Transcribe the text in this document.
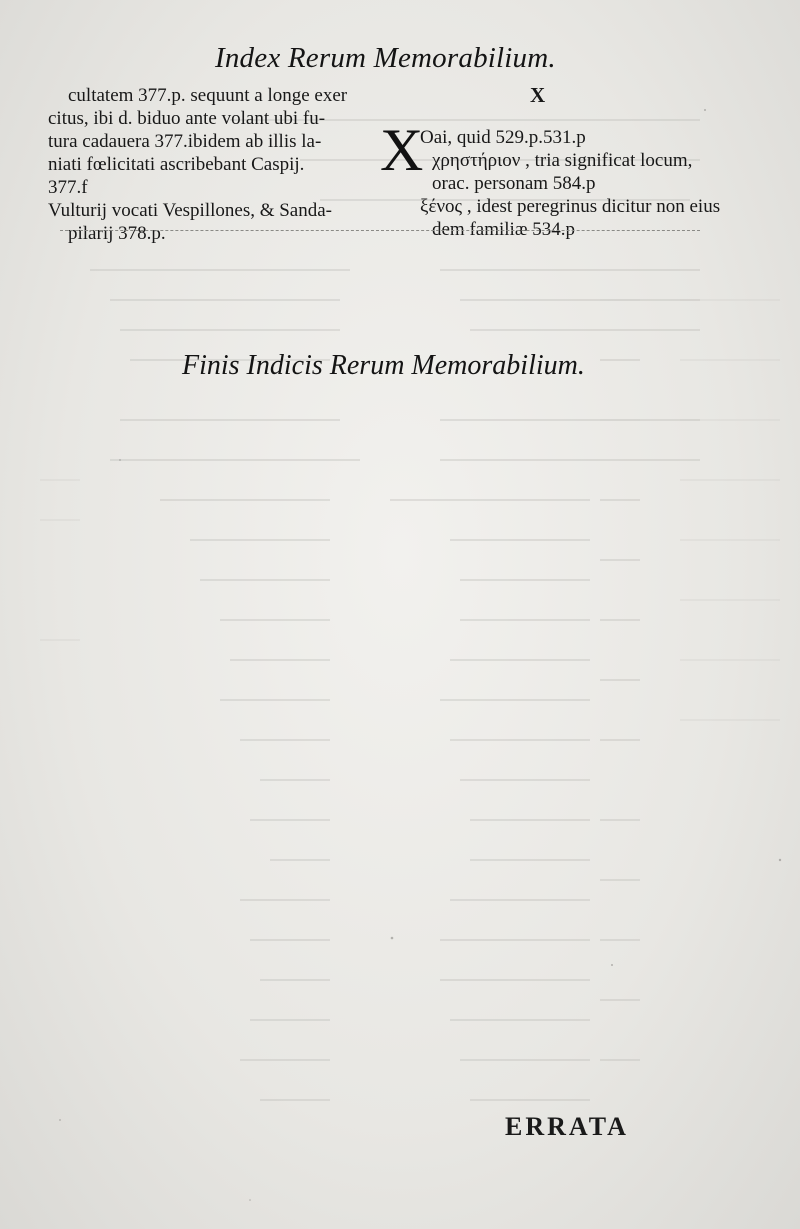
Index Rerum Memorabilium.
cultatem 377.p. sequunt a longe exer
citus, ibi d. biduo ante volant ubi fu-
tura cadauera 377.ibidem ab illis la-
niati fœlicitati ascribebant Caspij.
377.f
Vulturij vocati Vespillones, & Sanda-
pilarij 378.p.
X
X
Oai, quid 529.p.531.p
χρηστήριον , tria significat locum,
orac. personam 584.p
ξένος , idest peregrinus dicitur non eius
dem familiæ 534.p
Finis Indicis Rerum Memorabilium.
ERRATA
